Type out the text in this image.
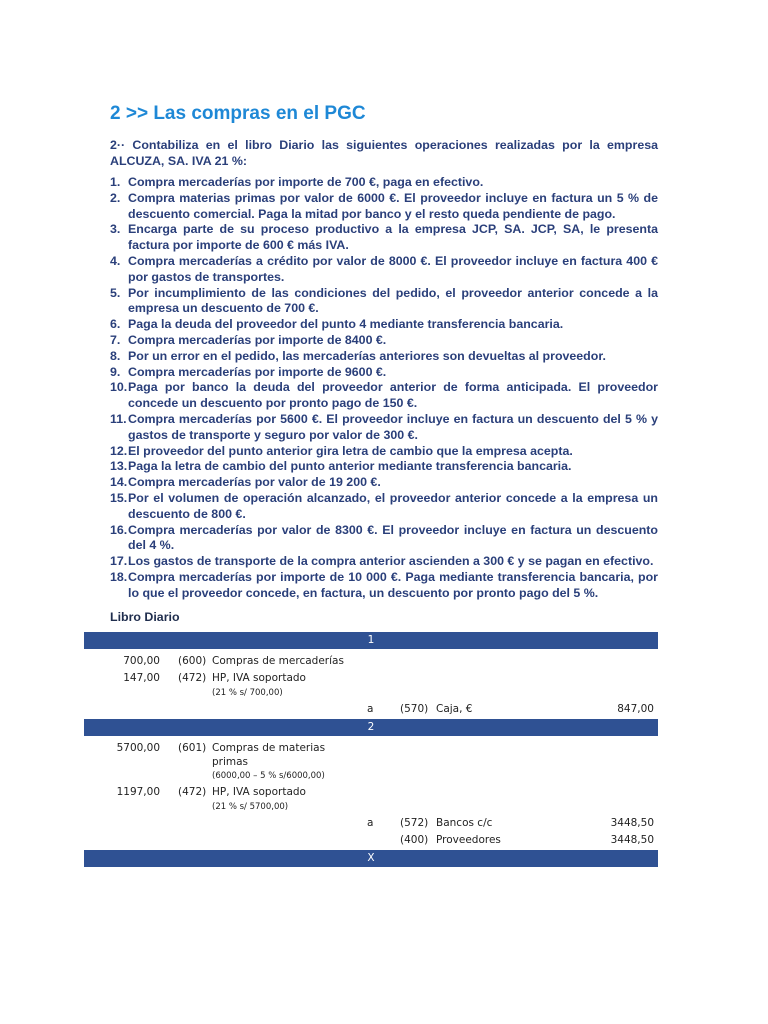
2 >> Las compras en el PGC

2·· Contabiliza en el libro Diario las siguientes operaciones realizadas por la empresa ALCUZA, SA. IVA 21 %:

1. Compra mercaderías por importe de 700 €, paga en efectivo.
2. Compra materias primas por valor de 6000 €. El proveedor incluye en factura un 5 % de descuento comercial. Paga la mitad por banco y el resto queda pendiente de pago.
3. Encarga parte de su proceso productivo a la empresa JCP, SA. JCP, SA, le presenta factura por importe de 600 € más IVA.
4. Compra mercaderías a crédito por valor de 8000 €. El proveedor incluye en factura 400 € por gastos de transportes.
5. Por incumplimiento de las condiciones del pedido, el proveedor anterior concede a la empresa un descuento de 700 €.
6. Paga la deuda del proveedor del punto 4 mediante transferencia bancaria.
7. Compra mercaderías por importe de 8400 €.
8. Por un error en el pedido, las mercaderías anteriores son devueltas al proveedor.
9. Compra mercaderías por importe de 9600 €.
10. Paga por banco la deuda del proveedor anterior de forma anticipada. El proveedor concede un descuento por pronto pago de 150 €.
11. Compra mercaderías por 5600 €. El proveedor incluye en factura un descuento del 5 % y gastos de transporte y seguro por valor de 300 €.
12. El proveedor del punto anterior gira letra de cambio que la empresa acepta.
13. Paga la letra de cambio del punto anterior mediante transferencia bancaria.
14. Compra mercaderías por valor de 19 200 €.
15. Por el volumen de operación alcanzado, el proveedor anterior concede a la empresa un descuento de 800 €.
16. Compra mercaderías por valor de 8300 €. El proveedor incluye en factura un descuento del 4 %.
17. Los gastos de transporte de la compra anterior ascienden a 300 € y se pagan en efectivo.
18. Compra mercaderías por importe de 10 000 €. Paga mediante transferencia bancaria, por lo que el proveedor concede, en factura, un descuento por pronto pago del 5 %.

Libro Diario

1
700,00 (600) Compras de mercaderías
147,00 (472) HP, IVA soportado
(21 % s/ 700,00)
a	(570) Caja, €	847,00
2
5700,00 (601) Compras de materias
primas
(6000,00 – 5 % s/6000,00)
1197,00 (472) HP, IVA soportado
(21 % s/ 5700,00)
a	(572) Bancos c/c	3448,50
(400) Proveedores	3448,50
X
